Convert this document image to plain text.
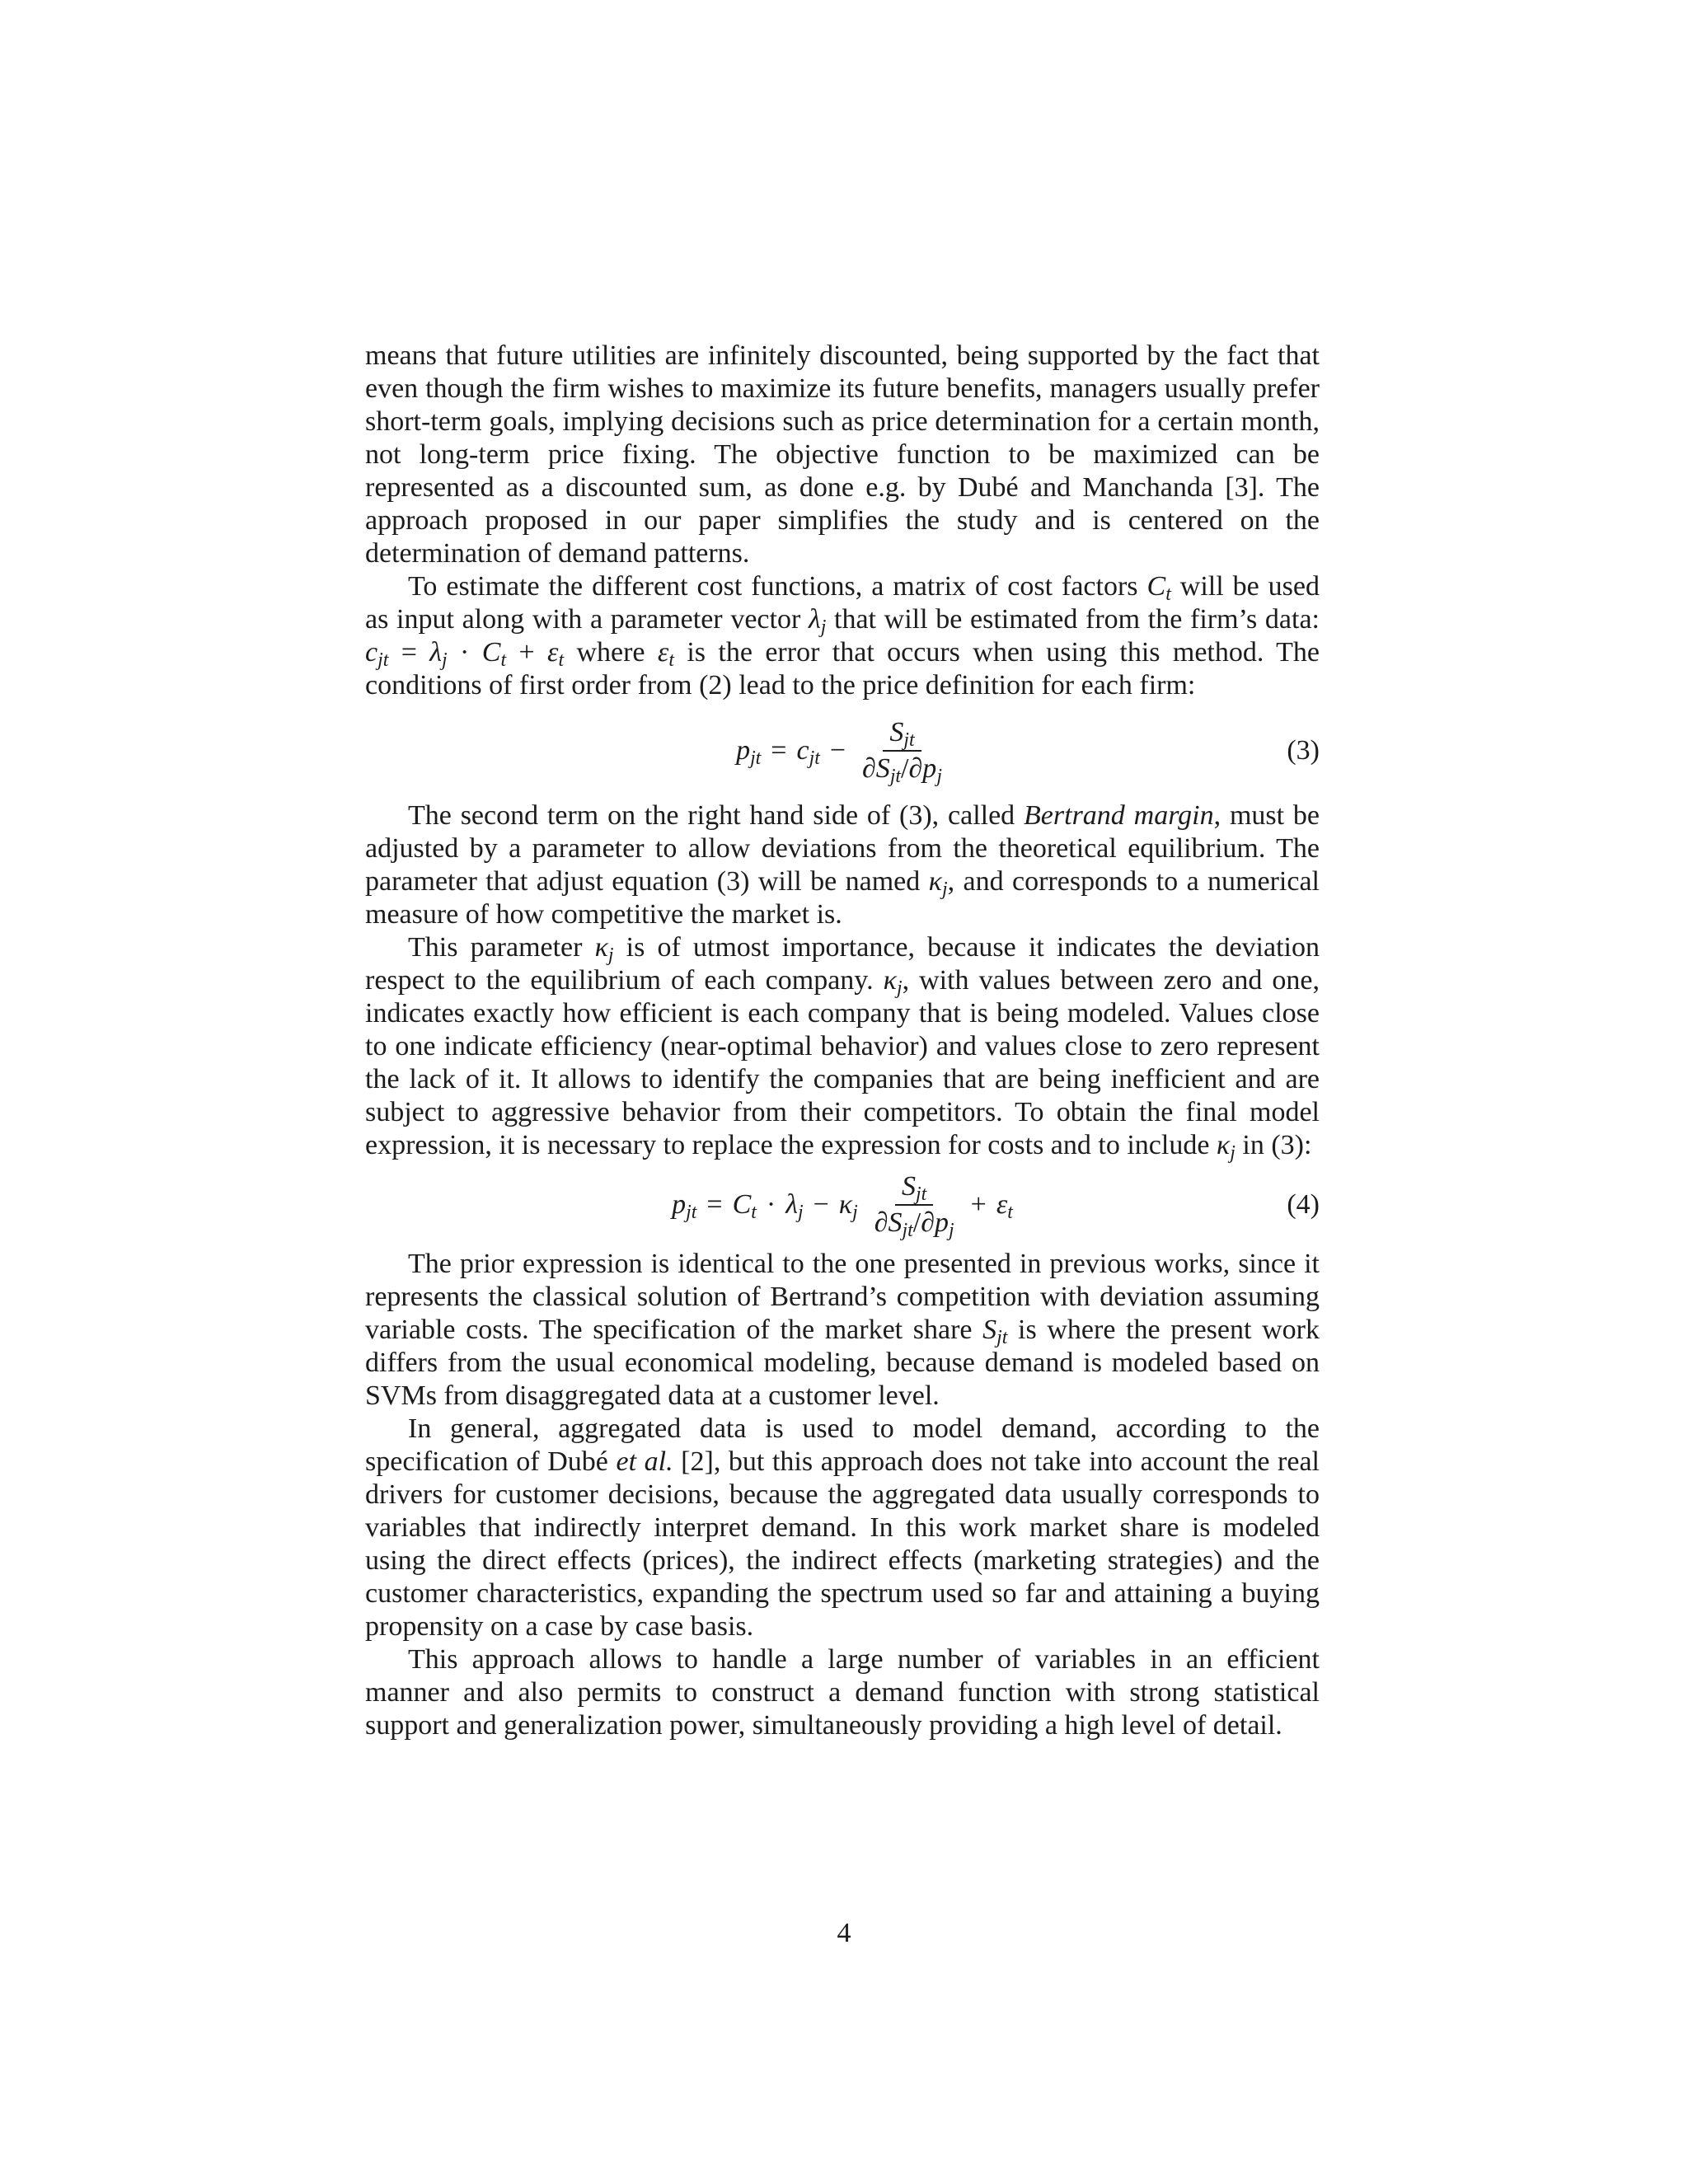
means that future utilities are infinitely discounted, being supported by the fact that even though the firm wishes to maximize its future benefits, managers usually prefer short-term goals, implying decisions such as price determination for a certain month, not long-term price fixing. The objective function to be maximized can be represented as a discounted sum, as done e.g. by Dubé and Manchanda [3]. The approach proposed in our paper simplifies the study and is centered on the determination of demand patterns.

To estimate the different cost functions, a matrix of cost factors $C_t$ will be used as input along with a parameter vector $\lambda_j$ that will be estimated from the firm’s data: $c_{jt} = \lambda_j \cdot C_t + \varepsilon_t$ where $\varepsilon_t$ is the error that occurs when using this method. The conditions of first order from (2) lead to the price definition for each firm:

$p_{jt} = c_{jt} - \frac{S_{jt}}{\partial S_{jt}/\partial p_j}$	(3)

The second term on the right hand side of (3), called Bertrand margin, must be adjusted by a parameter to allow deviations from the theoretical equilibrium. The parameter that adjust equation (3) will be named $\kappa_j$, and corresponds to a numerical measure of how competitive the market is.

This parameter $\kappa_j$ is of utmost importance, because it indicates the deviation respect to the equilibrium of each company. $\kappa_j$, with values between zero and one, indicates exactly how efficient is each company that is being modeled. Values close to one indicate efficiency (near-optimal behavior) and values close to zero represent the lack of it. It allows to identify the companies that are being inefficient and are subject to aggressive behavior from their competitors. To obtain the final model expression, it is necessary to replace the expression for costs and to include $\kappa_j$ in (3):

$p_{jt} = C_t \cdot \lambda_j - \kappa_j \frac{S_{jt}}{\partial S_{jt}/\partial p_j} + \varepsilon_t$	(4)

The prior expression is identical to the one presented in previous works, since it represents the classical solution of Bertrand’s competition with deviation assuming variable costs. The specification of the market share $S_{jt}$ is where the present work differs from the usual economical modeling, because demand is modeled based on SVMs from disaggregated data at a customer level.

In general, aggregated data is used to model demand, according to the specification of Dubé et al. [2], but this approach does not take into account the real drivers for customer decisions, because the aggregated data usually corresponds to variables that indirectly interpret demand. In this work market share is modeled using the direct effects (prices), the indirect effects (marketing strategies) and the customer characteristics, expanding the spectrum used so far and attaining a buying propensity on a case by case basis.

This approach allows to handle a large number of variables in an efficient manner and also permits to construct a demand function with strong statistical support and generalization power, simultaneously providing a high level of detail.

4
